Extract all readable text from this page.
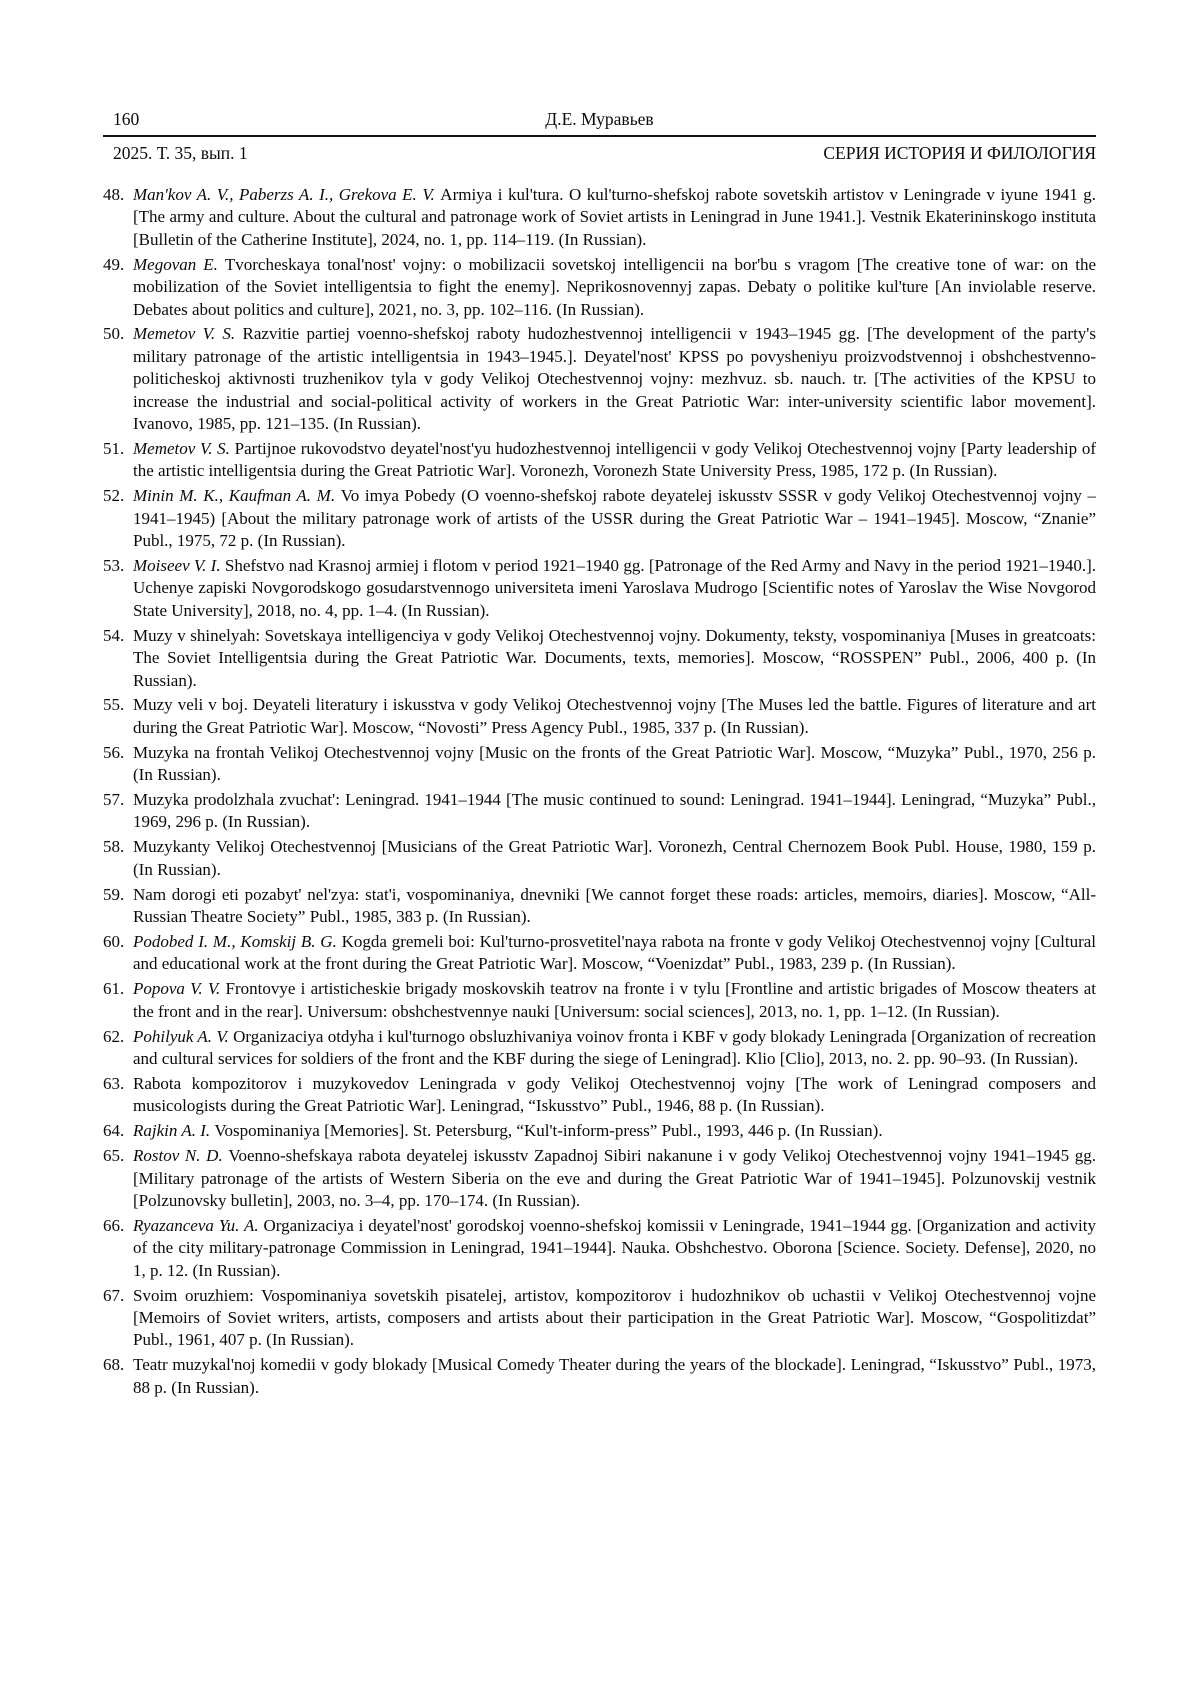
160	Д.Е. Муравьев
2025. Т. 35, вып. 1	СЕРИЯ ИСТОРИЯ И ФИЛОЛОГИЯ
48. Man'kov A. V., Paberzs A. I., Grekova E. V. Armiya i kul'tura. O kul'turno-shefskoj rabote sovetskih artistov v Leningrade v iyune 1941 g. [The army and culture. About the cultural and patronage work of Soviet artists in Leningrad in June 1941.]. Vestnik Ekaterininskogo instituta [Bulletin of the Catherine Institute], 2024, no. 1, pp. 114–119. (In Russian).
49. Megovan E. Tvorcheskaya tonal'nost' vojny: o mobilizacii sovetskoj intelligencii na bor'bu s vragom [The creative tone of war: on the mobilization of the Soviet intelligentsia to fight the enemy]. Neprikosnovennyj zapas. Debaty o politike kul'ture [An inviolable reserve. Debates about politics and culture], 2021, no. 3, pp. 102–116. (In Russian).
50. Memetov V. S. Razvitie partiej voenno-shefskoj raboty hudozhestvennoj intelligencii v 1943–1945 gg. [The development of the party's military patronage of the artistic intelligentsia in 1943–1945.]. Deyatel'nost' KPSS po povysheniyu proizvodstvennoj i obshchestvenno-politicheskoj aktivnosti truzhenikov tyla v gody Velikoj Otechestvennoj vojny: mezhvuz. sb. nauch. tr. [The activities of the KPSU to increase the industrial and social-political activity of workers in the Great Patriotic War: inter-university scientific labor movement]. Ivanovo, 1985, pp. 121–135. (In Russian).
51. Memetov V. S. Partijnoe rukovodstvo deyatel'nost'yu hudozhestvennoj intelligencii v gody Velikoj Otechestvennoj vojny [Party leadership of the artistic intelligentsia during the Great Patriotic War]. Voronezh, Voronezh State University Press, 1985, 172 p. (In Russian).
52. Minin M. K., Kaufman A. M. Vo imya Pobedy (O voenno-shefskoj rabote deyatelej iskusstv SSSR v gody Velikoj Otechestvennoj vojny – 1941–1945) [About the military patronage work of artists of the USSR during the Great Patriotic War – 1941–1945]. Moscow, “Znanie” Publ., 1975, 72 p. (In Russian).
53. Moiseev V. I. Shefstvo nad Krasnoj armiej i flotom v period 1921–1940 gg. [Patronage of the Red Army and Navy in the period 1921–1940.]. Uchenye zapiski Novgorodskogo gosudarstvennogo universiteta imeni Yaroslava Mudrogo [Scientific notes of Yaroslav the Wise Novgorod State University], 2018, no. 4, pp. 1–4. (In Russian).
54. Muzy v shinelyah: Sovetskaya intelligenciya v gody Velikoj Otechestvennoj vojny. Dokumenty, teksty, vospominaniya [Muses in greatcoats: The Soviet Intelligentsia during the Great Patriotic War. Documents, texts, memories]. Moscow, “ROSSPEN” Publ., 2006, 400 p. (In Russian).
55. Muzy veli v boj. Deyateli literatury i iskusstva v gody Velikoj Otechestvennoj vojny [The Muses led the battle. Figures of literature and art during the Great Patriotic War]. Moscow, “Novosti” Press Agency Publ., 1985, 337 p. (In Russian).
56. Muzyka na frontah Velikoj Otechestvennoj vojny [Music on the fronts of the Great Patriotic War]. Moscow, “Muzyka” Publ., 1970, 256 p. (In Russian).
57. Muzyka prodolzhala zvuchat': Leningrad. 1941–1944 [The music continued to sound: Leningrad. 1941–1944]. Leningrad, “Muzyka” Publ., 1969, 296 p. (In Russian).
58. Muzykanty Velikoj Otechestvennoj [Musicians of the Great Patriotic War]. Voronezh, Central Chernozem Book Publ. House, 1980, 159 p. (In Russian).
59. Nam dorogi eti pozabyt' nel'zya: stat'i, vospominaniya, dnevniki [We cannot forget these roads: articles, memoirs, diaries]. Moscow, “All-Russian Theatre Society” Publ., 1985, 383 p. (In Russian).
60. Podobed I. M., Komskij B. G. Kogda gremeli boi: Kul'turno-prosvetitel'naya rabota na fronte v gody Velikoj Otechestvennoj vojny [Cultural and educational work at the front during the Great Patriotic War]. Moscow, “Voenizdat” Publ., 1983, 239 p. (In Russian).
61. Popova V. V. Frontovye i artisticheskie brigady moskovskih teatrov na fronte i v tylu [Frontline and artistic brigades of Moscow theaters at the front and in the rear]. Universum: obshchestvennye nauki [Universum: social sciences], 2013, no. 1, pp. 1–12. (In Russian).
62. Pohilyuk A. V. Organizaciya otdyha i kul'turnogo obsluzhivaniya voinov fronta i KBF v gody blokady Leningrada [Organization of recreation and cultural services for soldiers of the front and the KBF during the siege of Leningrad]. Klio [Clio], 2013, no. 2. pp. 90–93. (In Russian).
63. Rabota kompozitorov i muzykovedov Leningrada v gody Velikoj Otechestvennoj vojny [The work of Leningrad composers and musicologists during the Great Patriotic War]. Leningrad, “Iskusstvo” Publ., 1946, 88 p. (In Russian).
64. Rajkin A. I. Vospominaniya [Memories]. St. Petersburg, “Kul't-inform-press” Publ., 1993, 446 p. (In Russian).
65. Rostov N. D. Voenno-shefskaya rabota deyatelej iskusstv Zapadnoj Sibiri nakanune i v gody Velikoj Otechestvennoj vojny 1941–1945 gg. [Military patronage of the artists of Western Siberia on the eve and during the Great Patriotic War of 1941–1945]. Polzunovskij vestnik [Polzunovsky bulletin], 2003, no. 3–4, pp. 170–174. (In Russian).
66. Ryazanceva Yu. A. Organizaciya i deyatel'nost' gorodskoj voenno-shefskoj komissii v Leningrade, 1941–1944 gg. [Organization and activity of the city military-patronage Commission in Leningrad, 1941–1944]. Nauka. Obshchestvo. Oborona [Science. Society. Defense], 2020, no 1, p. 12. (In Russian).
67. Svoim oruzhiem: Vospominaniya sovetskih pisatelej, artistov, kompozitorov i hudozhnikov ob uchastii v Velikoj Otechestvennoj vojne [Memoirs of Soviet writers, artists, composers and artists about their participation in the Great Patriotic War]. Moscow, “Gospolitizdat” Publ., 1961, 407 p. (In Russian).
68. Teatr muzykal'noj komedii v gody blokady [Musical Comedy Theater during the years of the blockade]. Leningrad, “Iskusstvo” Publ., 1973, 88 p. (In Russian).
